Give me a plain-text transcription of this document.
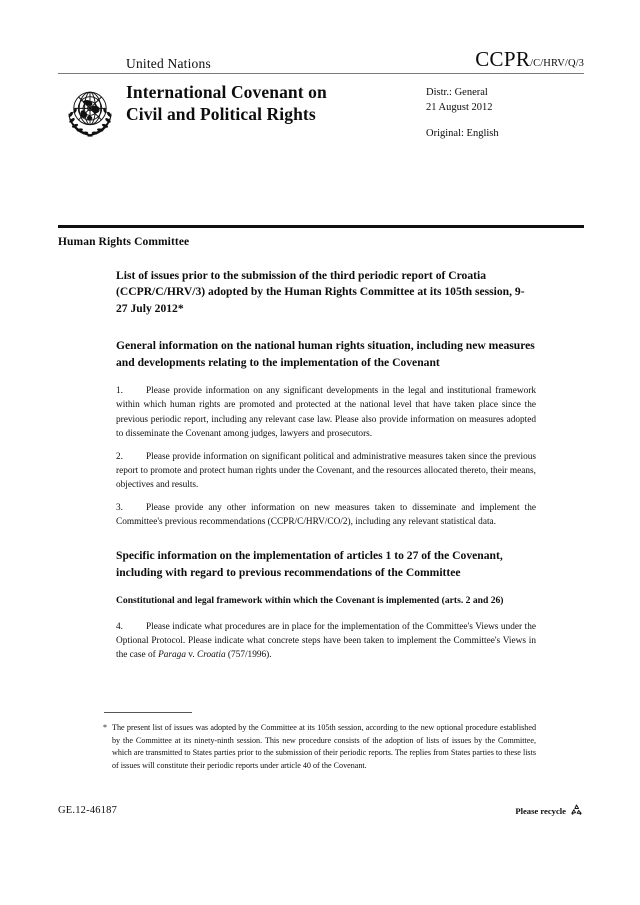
United Nations	CCPR/C/HRV/Q/3
International Covenant on
Civil and Political Rights
Distr.: General
21 August 2012
Original: English
Human Rights Committee
List of issues prior to the submission of the third periodic report of Croatia (CCPR/C/HRV/3) adopted by the Human Rights Committee at its 105th session, 9-27 July 2012*
General information on the national human rights situation, including new measures and developments relating to the implementation of the Covenant

1. Please provide information on any significant developments in the legal and institutional framework within which human rights are promoted and protected at the national level that have taken place since the previous periodic report, including any relevant case law. Please also provide information on measures adopted to disseminate the Covenant among judges, lawyers and prosecutors.

2. Please provide information on significant political and administrative measures taken since the previous report to promote and protect human rights under the Covenant, and the resources allocated thereto, their means, objectives and results.

3. Please provide any other information on new measures taken to disseminate and implement the Committee's previous recommendations (CCPR/C/HRV/CO/2), including any relevant statistical data.

Specific information on the implementation of articles 1 to 27 of the Covenant, including with regard to previous recommendations of the Committee
Constitutional and legal framework within which the Covenant is implemented (arts. 2 and 26)

4. Please indicate what procedures are in place for the implementation of the Committee's Views under the Optional Protocol. Please indicate what concrete steps have been taken to implement the Committee's Views in the case of Paraga v. Croatia (757/1996).

* The present list of issues was adopted by the Committee at its 105th session, according to the new optional procedure established by the Committee at its ninety-ninth session. This new procedure consists of the adoption of lists of issues by the Committee, which are transmitted to States parties prior to the submission of their periodic reports. The replies from States parties to these lists of issues will constitute their periodic reports under article 40 of the Covenant.
GE.12-46187	Please recycle
